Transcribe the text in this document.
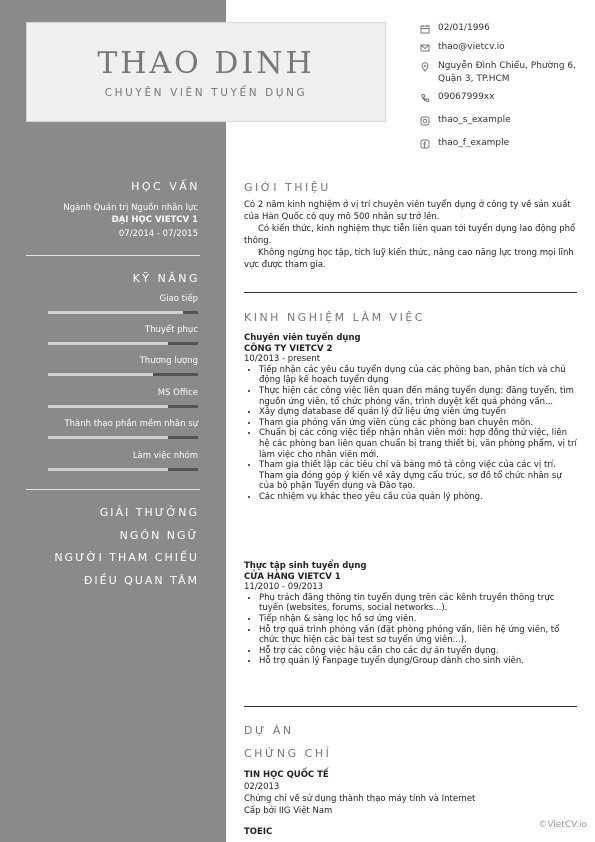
THAO DINH
CHUYÊN VIÊN TUYỂN DỤNG
02/01/1996
thao@vietcv.io
Nguyễn Đình Chiểu, Phường 6, Quận 3, TP.HCM
09067999xx
thao_s_example
thao_f_example
HỌC VẤN
Ngành Quản trị Nguồn nhân lực
ĐẠI HỌC VIETCV 1
07/2014 - 07/2015
KỸ NĂNG
Giao tiếp
Thuyết phục
Thương lượng
MS Office
Thành thạo phần mềm nhân sự
Làm việc nhóm
GIẢI THƯỞNG
NGÔN NGỮ
NGƯỜI THAM CHIẾU
ĐIỀU QUAN TÂM
GIỚI THIỆU

Có 2 năm kinh nghiệm ở vị trí chuyên viên tuyển dụng ở công ty về sản xuất của Hàn Quốc có quy mô 500 nhân sự trở lên.

Có kiến thức, kinh nghiệm thực tiễn liên quan tới tuyển dụng lao động phổ thông.

Không ngừng học tập, tích luỹ kiến thức, nâng cao năng lực trong mọi lĩnh vực được tham gia.

KINH NGHIỆM LÀM VIỆC
Chuyên viên tuyển dụng
CÔNG TY VIETCV 2
10/2013 - present
• Tiếp nhận các yêu cầu tuyển dụng của các phòng ban, phân tích và chủ động lập kế hoạch tuyển dụng
• Thực hiện các công việc liên quan đến mảng tuyển dụng: đăng tuyển, tìm nguồn ứng viên, tổ chức phỏng vấn, trình duyệt kết quả phỏng vấn...
• Xây dựng database để quản lý dữ liệu ứng viên ứng tuyển
• Tham gia phỏng vấn ứng viên cùng các phòng ban chuyên môn.
• Chuẩn bị các công việc tiếp nhận nhân viên mới: hợp đồng thử việc, liên hệ các phòng ban liên quan chuẩn bị trang thiết bị, văn phòng phẩm, vị trí làm việc cho nhân viên mới.
• Tham gia thiết lập các tiêu chí và bảng mô tả công việc của các vị trí. Tham gia đóng góp ý kiến về xây dựng cấu trúc, sơ đồ tổ chức nhân sự của bộ phận Tuyển dụng và Đào tạo.
• Các nhiệm vụ khác theo yêu cầu của quản lý phòng.
Thực tập sinh tuyển dụng
CỬA HÀNG VIETCV 1
11/2010 - 09/2013
• Phụ trách đăng thông tin tuyển dụng trên các kênh truyền thông trực tuyến (websites, forums, social networks...).
• Tiếp nhận & sàng lọc hồ sơ ứng viên.
• Hỗ trợ quá trình phỏng vấn (đặt phòng phỏng vấn, liên hệ ứng viên, tổ chức thực hiện các bài test sơ tuyển ứng viên...).
• Hỗ trợ các công việc hậu cần cho các dự án tuyển dụng.
• Hỗ trợ quản lý Fanpage tuyển dụng/Group dành cho sinh viên.
DỰ ÁN
CHỨNG CHỈ
TIN HỌC QUỐC TẾ
02/2013
Chứng chỉ về sử dụng thành thạo máy tính và Internet
Cấp bởi IIG Việt Nam
TOEIC
©VietCV.io
